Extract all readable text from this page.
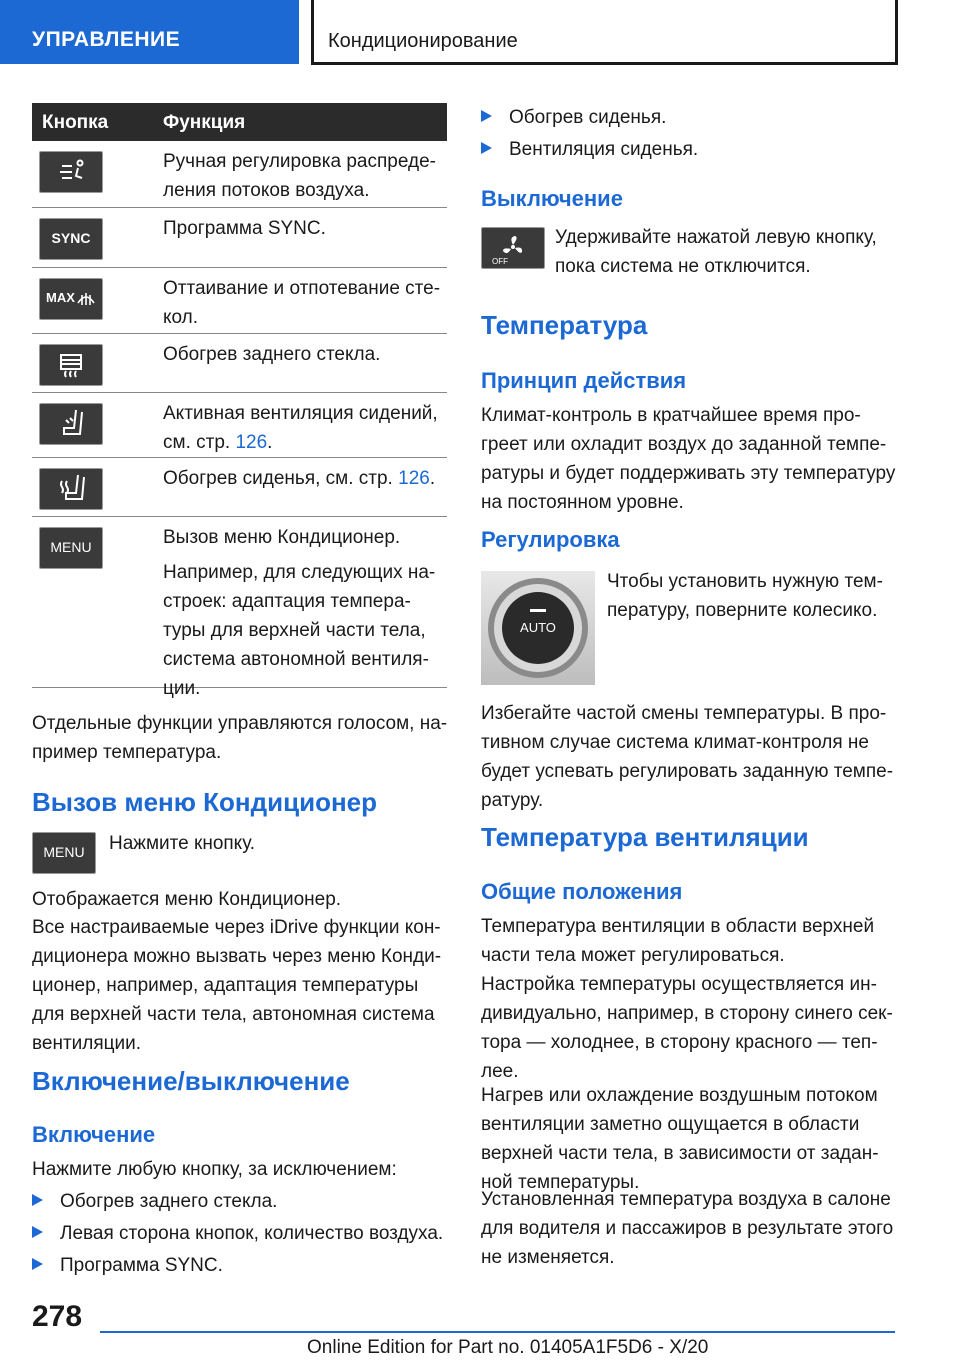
УПРАВЛЕНИЕ	Кондиционирование
Кнопка	Функция

Ручная регулировка распреде-

ления потоков воздуха.

SYNC	Программа SYNC.

MAX	Оттаивание и отпотевание сте-

кол.

Обогрев заднего стекла.

Активная вентиляция сидений,

см. стр. 126.

Обогрев сиденья, см. стр. 126.

MENU	Вызов меню Кондиционер.

Например, для следующих на-

строек: адаптация темпера-

туры для верхней части тела,

система автономной вентиля-

ции.

Отдельные функции управляются голосом, на-

пример температура.

Вызов меню Кондиционер
MENU	Нажмите кнопку.
Отображается меню Кондиционер.

Все настраиваемые через iDrive функции кон-

диционера можно вызвать через меню Конди-

ционер, например, адаптация температуры

для верхней части тела, автономная система

вентиляции.

Включение/выключение
Включение
Нажмите любую кнопку, за исключением:
Обогрев заднего стекла.
Левая сторона кнопок, количество воздуха.
Программа SYNC.
Обогрев сиденья.
Вентиляция сиденья.
Выключение
OFF

Удерживайте нажатой левую кнопку,

пока система не отключится.

Температура
Принцип действия

Климат-контроль в кратчайшее время про-

греет или охладит воздух до заданной темпе-

ратуры и будет поддерживать эту температуру

на постоянном уровне.

Регулировка
AUTO

Чтобы установить нужную тем-

пературу, поверните колесико.

Избегайте частой смены температуры. В про-

тивном случае система климат-контроля не

будет успевать регулировать заданную темпе-

ратуру.

Температура вентиляции
Общие положения

Температура вентиляции в области верхней

части тела может регулироваться.

Настройка температуры осуществляется ин-

дивидуально, например, в сторону синего сек-

тора — холоднее, в сторону красного — теп-

лее.

Нагрев или охлаждение воздушным потоком

вентиляции заметно ощущается в области

верхней части тела, в зависимости от задан-

ной температуры.

Установленная температура воздуха в салоне

для водителя и пассажиров в результате этого

не изменяется.

278
Online Edition for Part no. 01405A1F5D6 - X/20
